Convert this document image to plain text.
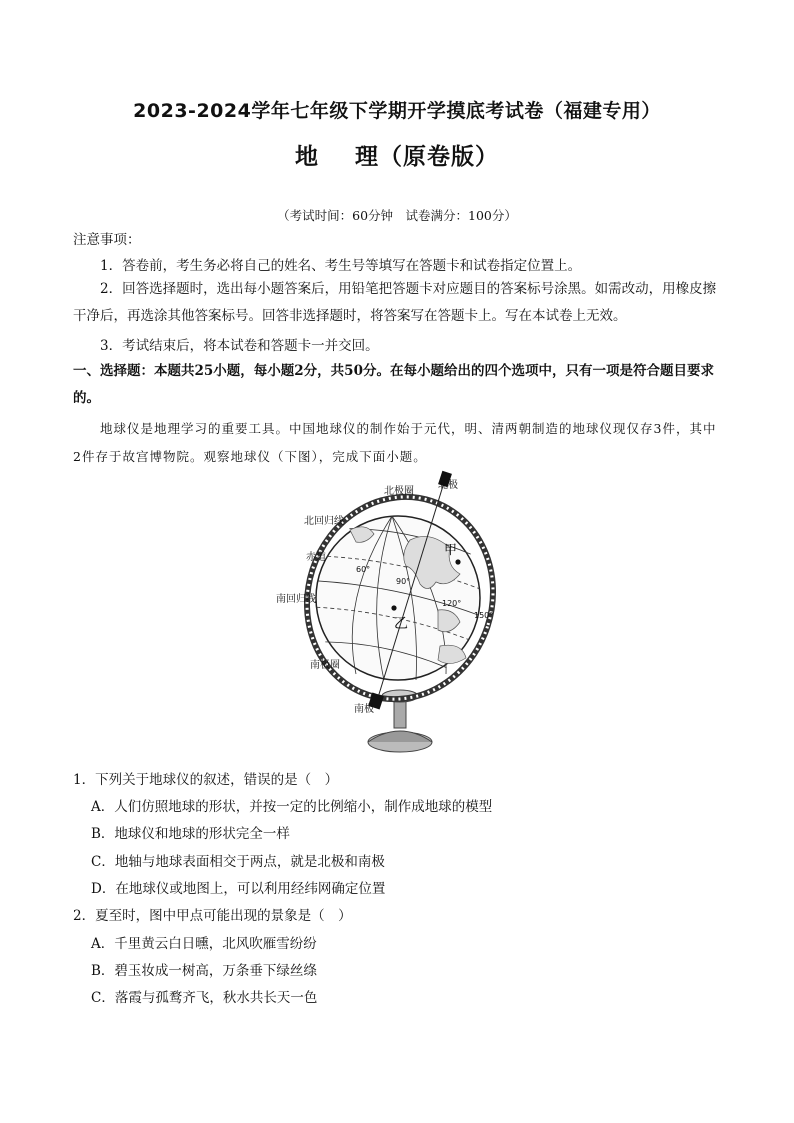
2023-2024学年七年级下学期开学摸底考试卷（福建专用）
地 理（原卷版）
（考试时间：60分钟　试卷满分：100分）
注意事项：
1．答卷前，考生务必将自己的姓名、考生号等填写在答题卡和试卷指定位置上。
2．回答选择题时，选出每小题答案后，用铅笔把答题卡对应题目的答案标号涂黑。如需改动，用橡皮擦干净后，再选涂其他答案标号。回答非选择题时，将答案写在答题卡上。写在本试卷上无效。
3．考试结束后，将本试卷和答题卡一并交回。
一、选择题：本题共25小题，每小题2分，共50分。在每小题给出的四个选项中，只有一项是符合题目要求的。
地球仪是地理学习的重要工具。中国地球仪的制作始于元代，明、清两朝制造的地球仪现仅存3件，其中2件存于故宫博物院。观察地球仪（下图），完成下面小题。
北极
北极圈
北回归线
赤道
南回归线
南极圈
南极
甲
乙
60°
90°
120°
150°
1．下列关于地球仪的叙述，错误的是（　）
A．人们仿照地球的形状，并按一定的比例缩小，制作成地球的模型
B．地球仪和地球的形状完全一样
C．地轴与地球表面相交于两点，就是北极和南极
D．在地球仪或地图上，可以利用经纬网确定位置
2．夏至时，图中甲点可能出现的景象是（　）
A．千里黄云白日曛，北风吹雁雪纷纷
B．碧玉妆成一树高，万条垂下绿丝绦
C．落霞与孤鹜齐飞，秋水共长天一色
